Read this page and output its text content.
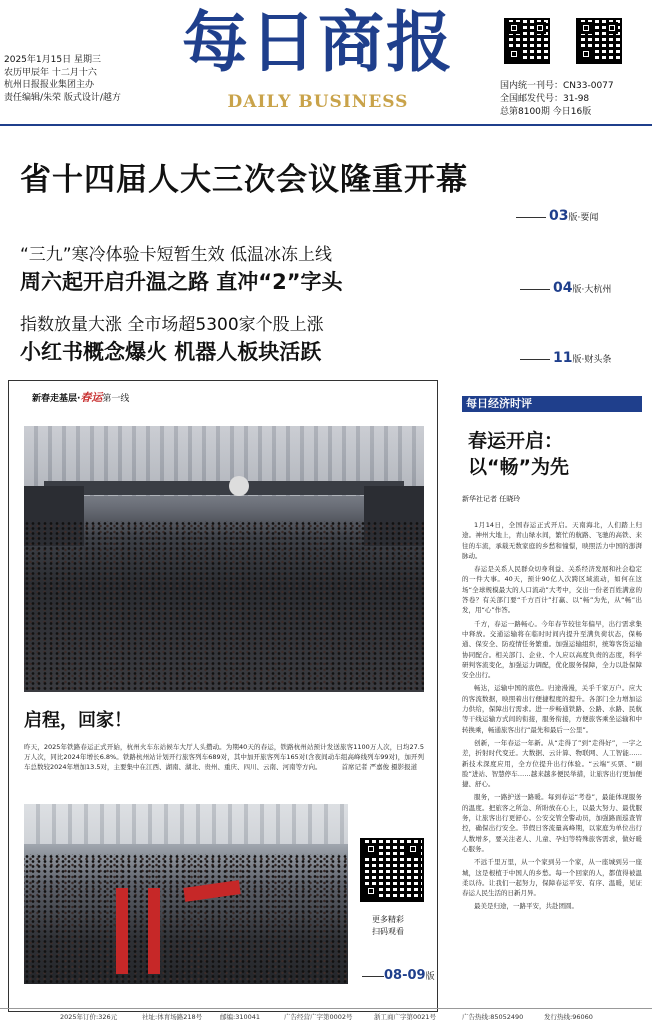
2025年1月15日 星期三
农历甲辰年 十二月十六
杭州日报报业集团主办
责任编辑/朱荣 版式设计/越方
每日商报
DAILY BUSINESS
国内统一刊号：CN33-0077
全国邮发代号：31-98
总第8100期 今日16版
省十四届人大三次会议隆重开幕
03版·要闻
“三九”寒冷体验卡短暂生效 低温冰冻上线
周六起开启升温之路 直冲“2”字头	04版·大杭州
指数放量大涨 全市场超5300家个股上涨
小红书概念爆火 机器人板块活跃	11版·财头条
新春走基层·春运第一线
启程，回家！
昨天，2025年铁路春运正式开始，杭州火车东站候车大厅人头攒动。为期40天的春运，铁路杭州站预计发送旅客1100万人次，日均27.5万人次，同比2024年增长6.8%。铁路杭州站计划开行旅客列车689对，其中加开旅客列车165对(含夜间动车组高峰线列车99对)，加开列车总数较2024年增加13.5对，主要集中在江西、湖南、湖北、贵州、重庆、四川、云南、河南等方向。	首席记者 严嘉俊 摄影报道
更多精彩
扫码观看
08-09版
每日经济时评
春运开启：
以“畅”为先
新华社记者 任晓玲

1月14日，全国春运正式开启。天南海北，人们踏上归途。神州大地上，青山绿水间，繁忙的航路、飞驰的高铁、来往的车流，承载无数家庭的乡愁和憧憬，映照活力中国的澎湃脉动。

春运是关系人民群众切身利益、关系经济发展和社会稳定的一件大事。40天，预计90亿人次跨区域流动，如何在这场“全球规模最大的人口流动”大考中，交出一份老百姓满意的答卷？有关部门要“千方百计”打赢、以“畅”为先，从“畅”出发，用“心”作答。

千方，春运一路畅心。今年春节较往年偏早，出行需求集中释放。交通运输将在临时时间内提升至满负荷状态，保畅通、保安全、防疫情任务繁重。加强运输组织，统筹客货运输协同配合。相关部门、企业、个人应以高度负责的态度，科学研判客流变化，加强运力调配，优化服务保障，全力以赴保障安全出行。

畅达，运输中国的底色。归途漫漫，关乎千家万户。应大的客流数据，映照着出行便捷程度的提升。各部门全力增加运力供给，保障出行需求。进一步畅通铁路、公路、水路、民航等干线运输方式间的衔接，服务衔接，方便旅客乘坐运输和中转换乘，畅通旅客出行“最先和最后一公里”。

创新，一年春运一年新。从“走得了”到“走得好”，一字之差，折射时代变迁。大数据、云计算、物联网、人工智能……新技术深度应用，全方位提升出行体验。“云端”买票、“刷脸”进站、智慧停车……越来越多便民举措，让旅客出行更加便捷、舒心。

服务，一路护送一路暖。每到春运“考卷”，最能体现服务的温度。把旅客之所急、所盼放在心上，以最大努力、最优服务，让旅客出行更舒心。公安交管全警动员，加强路面巡查管控，确保出行安全。节假日客流量高峰期，以家庭为单位出行人数增多，要关注老人、儿童、孕妇等特殊旅客需求，做好暖心服务。

不远千里万里，从一个家到另一个家，从一座城到另一座城，这是根植于中国人的乡愁。每一个回家的人，都值得被温柔以待。让我们一起努力，保障春运平安、有序、温暖，见证春运人民生活的日新月异。

最美是归途，一路平安，共赴团圆。

2025年订价:326元	社址:体育场路218号	邮编:310041	广告经营广字第0002号	浙工商广字第0021号	广告热线:85052490	发行热线:96060
